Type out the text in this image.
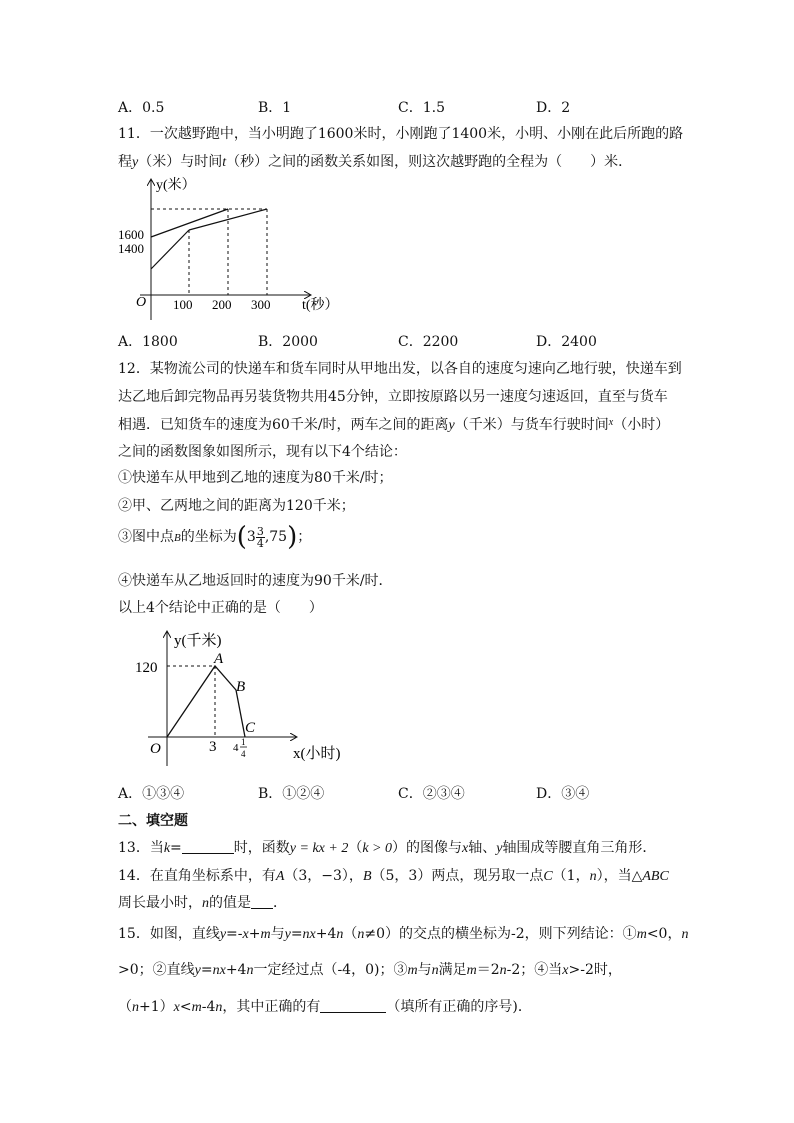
A．0.5	B．1	C．1.5	D．2
11．一次越野跑中，当小明跑了1600米时，小刚跑了1400米，小明、小刚在此后所跑的路
程y（米）与时间t（秒）之间的函数关系如图，则这次越野跑的全程为（　　）米．
y(米）
t(秒）
O
1600
1400
100 200 300
A．1800	B．2000	C．2200	D．2400
12．某物流公司的快递车和货车同时从甲地出发，以各自的速度匀速向乙地行驶，快递车到
达乙地后卸完物品再另装货物共用45分钟，立即按原路以另一速度匀速返回，直至与货车
相遇．已知货车的速度为60千米/时，两车之间的距离y（千米）与货车行驶时间$^x$（小时）
之间的函数图象如图所示，现有以下4个结论：
①快递车从甲地到乙地的速度为80千米/时；
②甲、乙两地之间的距离为120千米；
③图中点B的坐标为$(3 \frac{3}{4} ,75)$；
④快递车从乙地返回时的速度为90千米/时．
以上4个结论中正确的是（　　）
y(千米)
x(小时)
O
120
3 4 1
4
A
B
C
A．①③④	B．①②④	C．②③④	D．③④
二、填空题
13．当k=	时，函数y = kx + 2（k > 0）的图像与x轴、y轴围成等腰直角三角形．
14．在直角坐标系中，有A（3，−3），B（5，3）两点，现另取一点C（1，n），当△ABC
周长最小时，n的值是 ．
15．如图，直线y=-x+m与y=nx+4n（n≠0）的交点的横坐标为-2，则下列结论：①m<0，n
>0；②直线y=nx+4n一定经过点（-4，0)；③m与n满足m＝2n-2；④当x>-2时，
（n+1）x<m-4n，其中正确的有	（填所有正确的序号)．
